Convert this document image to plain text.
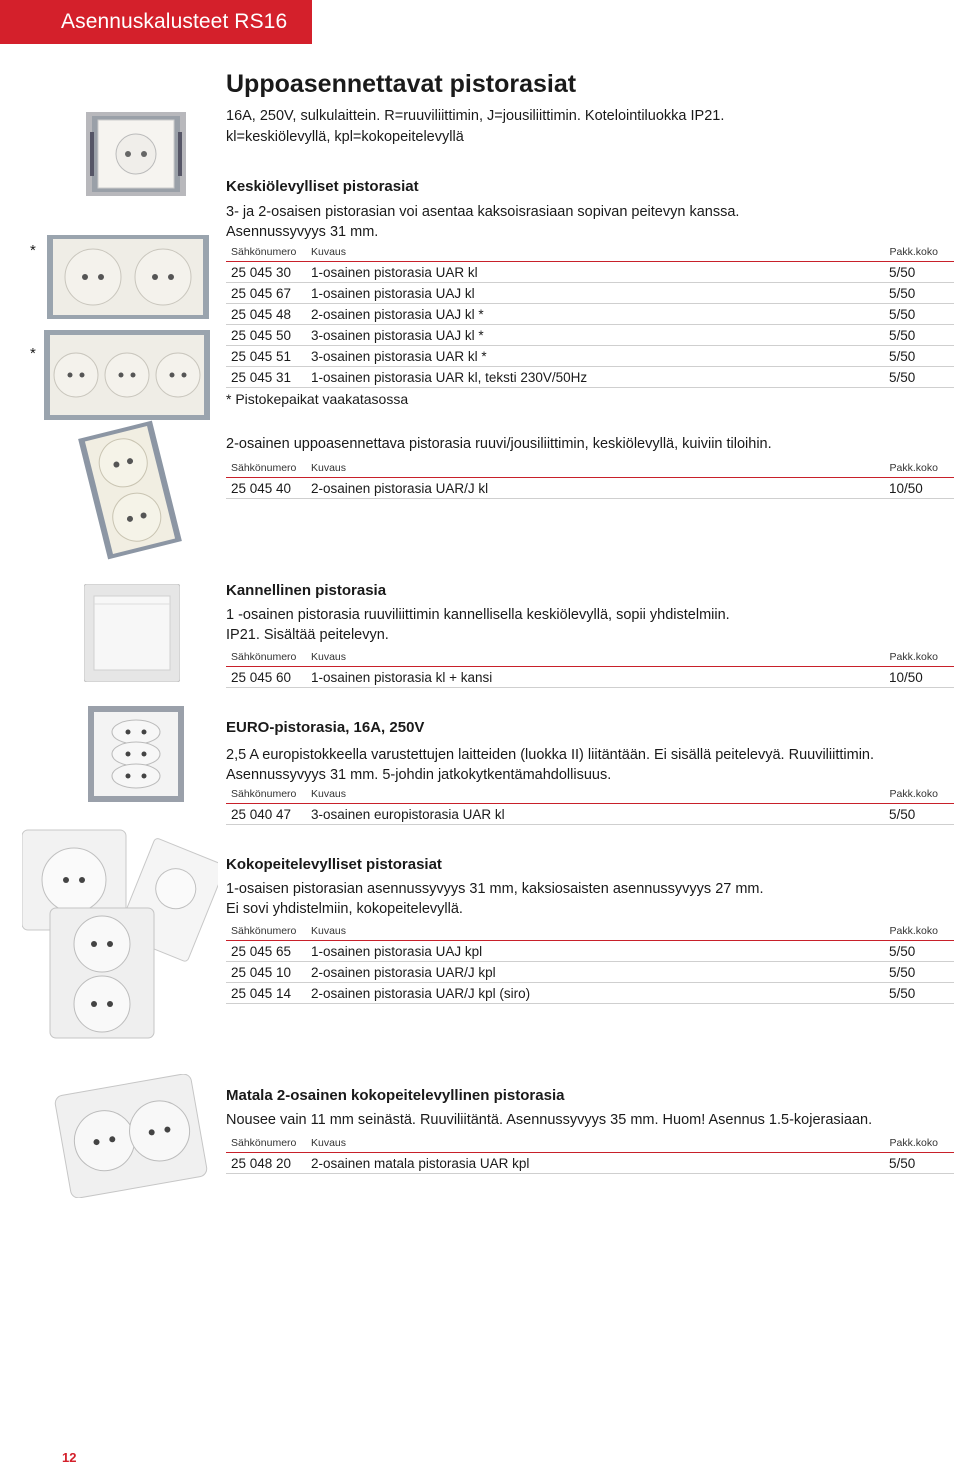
Asennuskalusteet RS16
Uppoasennettavat pistorasiat
16A, 250V, sulkulaittein. R=ruuviliittimin, J=jousiliittimin. Kotelointiluokka IP21.
kl=keskiölevyllä, kpl=kokopeitelevyllä
*
*
Keskiölevylliset pistorasiat
3- ja 2-osaisen pistorasian voi asentaa kaksoisrasiaan sopivan peitevyn kanssa.
Asennussyvyys 31 mm.
Sähkönumero Kuvaus	Pakk.koko
25 045 30 1-osainen pistorasia UAR kl	5/50
25 045 67 1-osainen pistorasia UAJ kl	5/50
25 045 48 2-osainen pistorasia UAJ kl *	5/50
25 045 50 3-osainen pistorasia UAJ kl *	5/50
25 045 51 3-osainen pistorasia UAR kl *	5/50
25 045 31 1-osainen pistorasia UAR kl, teksti 230V/50Hz	5/50
* Pistokepaikat vaakatasossa
2-osainen uppoasennettava pistorasia ruuvi/jousiliittimin, keskiölevyllä, kuiviin tiloihin.
Sähkönumero Kuvaus	Pakk.koko
25 045 40 2-osainen pistorasia UAR/J kl	10/50
Kannellinen pistorasia
1 -osainen pistorasia ruuviliittimin kannellisella keskiölevyllä, sopii yhdistelmiin.
IP21. Sisältää peitelevyn.
Sähkönumero Kuvaus	Pakk.koko
25 045 60 1-osainen pistorasia kl + kansi	10/50
EURO-pistorasia, 16A, 250V
2,5 A europistokkeella varustettujen laitteiden (luokka II) liitäntään. Ei sisällä peitelevyä. Ruuviliittimin.
Asennussyvyys 31 mm. 5-johdin jatkokytkentämahdollisuus.
Sähkönumero Kuvaus	Pakk.koko
25 040 47 3-osainen europistorasia UAR kl	5/50
Kokopeitelevylliset pistorasiat
1-osaisen pistorasian asennussyvyys 31 mm, kaksiosaisten asennussyvyys 27 mm.
Ei sovi yhdistelmiin, kokopeitelevyllä.
Sähkönumero Kuvaus	Pakk.koko
25 045 65 1-osainen pistorasia UAJ kpl	5/50
25 045 10 2-osainen pistorasia UAR/J kpl	5/50
25 045 14 2-osainen pistorasia UAR/J kpl (siro)	5/50
Matala 2-osainen kokopeitelevyllinen pistorasia
Nousee vain 11 mm seinästä. Ruuviliitäntä. Asennussyvyys 35 mm. Huom! Asennus 1.5-kojerasiaan.
Sähkönumero Kuvaus	Pakk.koko
25 048 20 2-osainen matala pistorasia UAR kpl	5/50
12
